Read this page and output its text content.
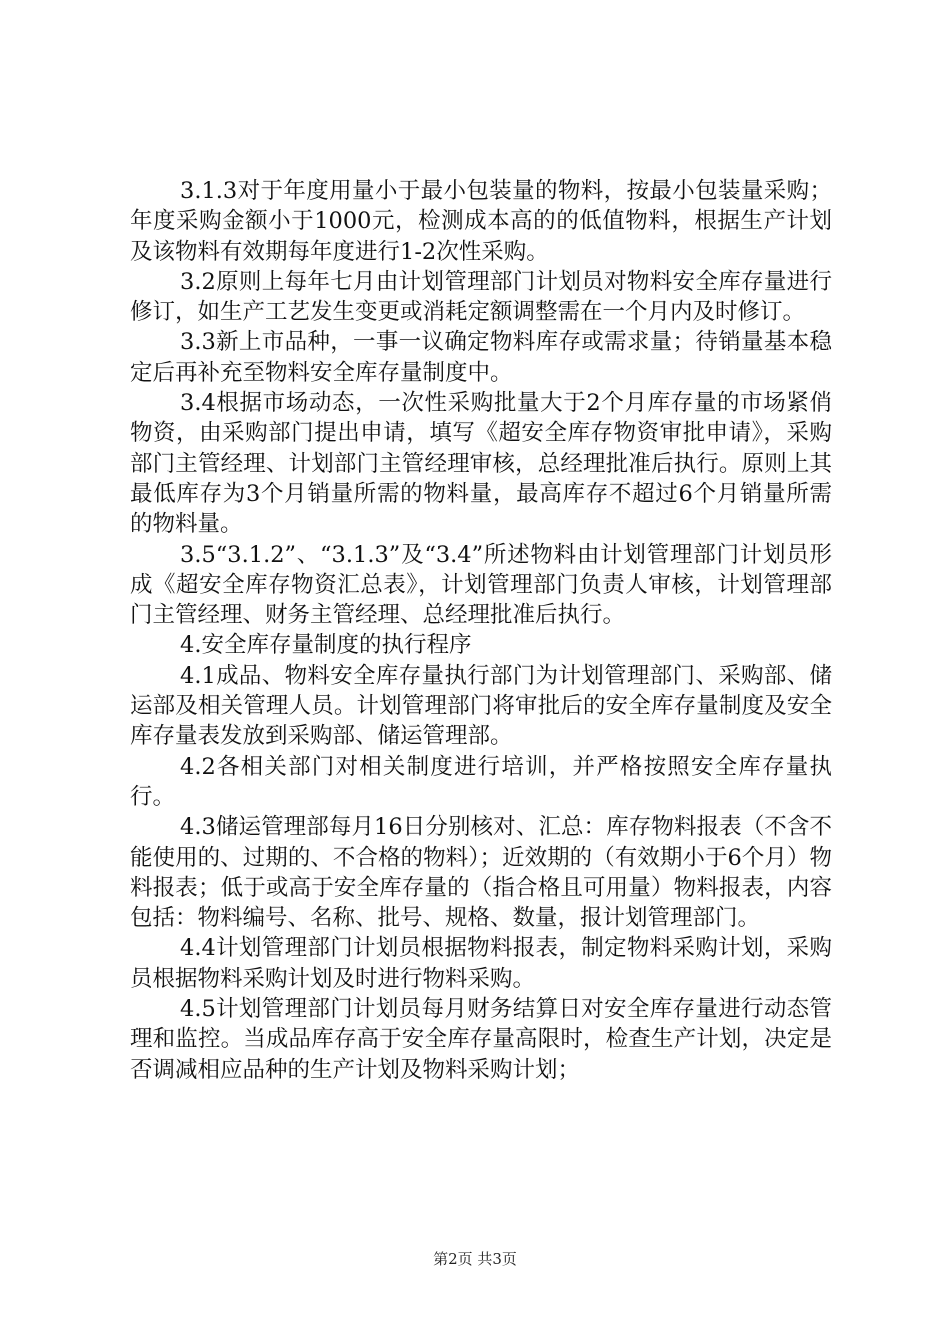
3.1.3对于年度用量小于最小包装量的物料，按最小包装量采购；年度采购金额小于1000元，检测成本高的的低值物料，根据生产计划及该物料有效期每年度进行1-2次性采购。

3.2原则上每年七月由计划管理部门计划员对物料安全库存量进行修订，如生产工艺发生变更或消耗定额调整需在一个月内及时修订。

3.3新上市品种，一事一议确定物料库存或需求量；待销量基本稳定后再补充至物料安全库存量制度中。

3.4根据市场动态，一次性采购批量大于2个月库存量的市场紧俏物资，由采购部门提出申请，填写《超安全库存物资审批申请》，采购部门主管经理、计划部门主管经理审核，总经理批准后执行。原则上其最低库存为3个月销量所需的物料量，最高库存不超过6个月销量所需的物料量。

3.5“3.1.2”、“3.1.3”及“3.4”所述物料由计划管理部门计划员形成《超安全库存物资汇总表》，计划管理部门负责人审核，计划管理部门主管经理、财务主管经理、总经理批准后执行。

4.安全库存量制度的执行程序

4.1成品、物料安全库存量执行部门为计划管理部门、采购部、储运部及相关管理人员。计划管理部门将审批后的安全库存量制度及安全库存量表发放到采购部、储运管理部。

4.2各相关部门对相关制度进行培训，并严格按照安全库存量执行。

4.3储运管理部每月16日分别核对、汇总：库存物料报表（不含不能使用的、过期的、不合格的物料）；近效期的（有效期小于6个月）物料报表；低于或高于安全库存量的（指合格且可用量）物料报表，内容包括：物料编号、名称、批号、规格、数量，报计划管理部门。

4.4计划管理部门计划员根据物料报表，制定物料采购计划，采购员根据物料采购计划及时进行物料采购。

4.5计划管理部门计划员每月财务结算日对安全库存量进行动态管理和监控。当成品库存高于安全库存量高限时，检查生产计划，决定是否调减相应品种的生产计划及物料采购计划；

第2页 共3页
